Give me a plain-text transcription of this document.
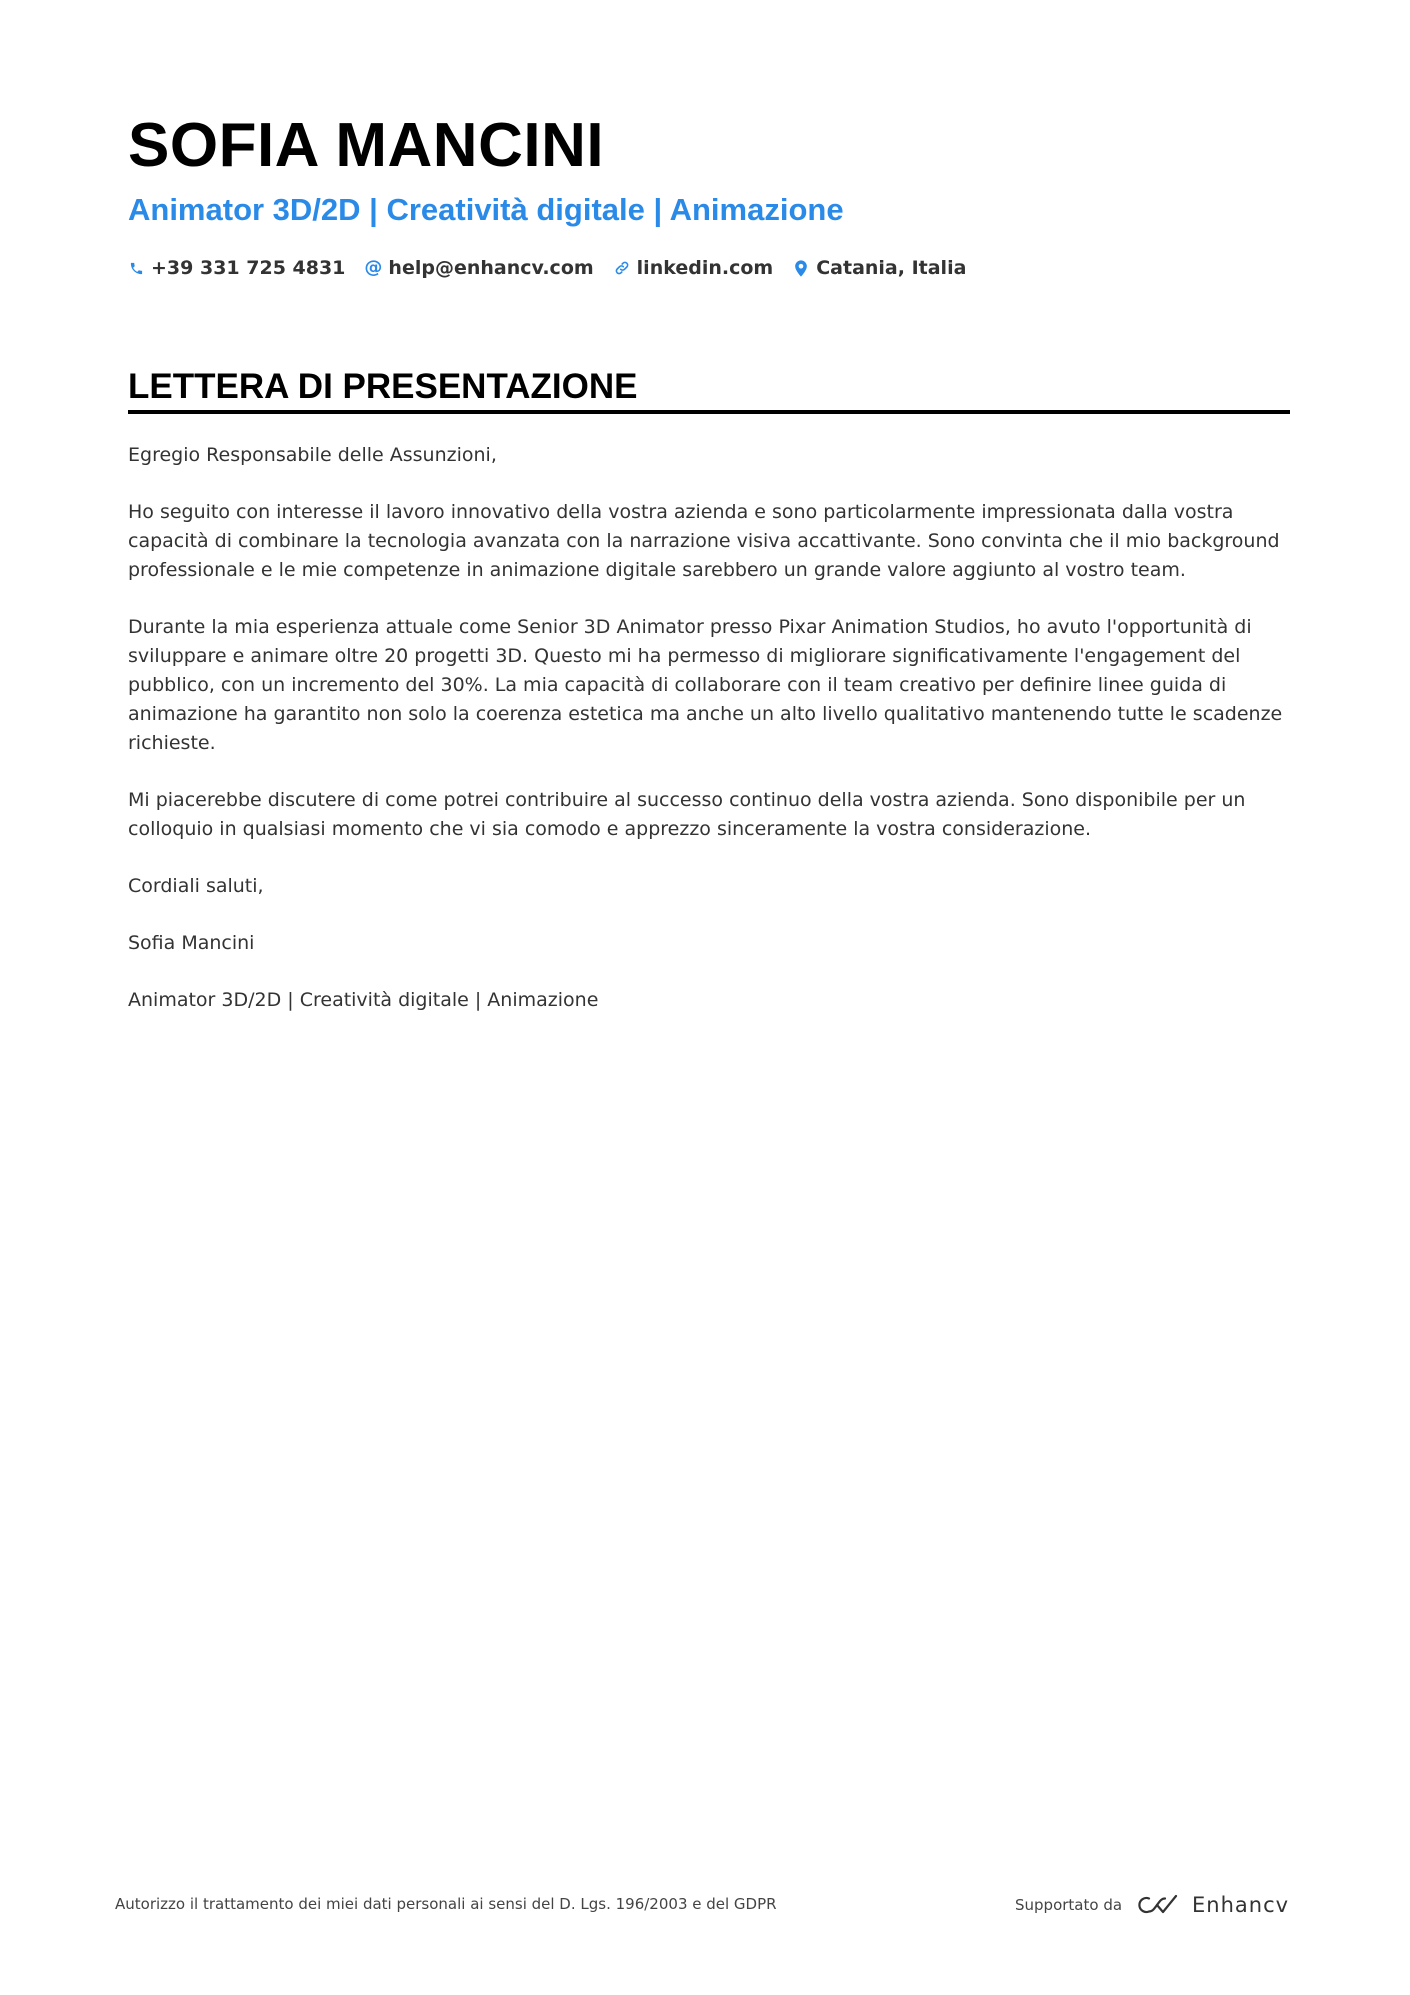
SOFIA MANCINI
Animator 3D/2D | Creatività digitale | Animazione
+39 331 725 4831 @ help@enhancv.com linkedin.com Catania, Italia
LETTERA DI PRESENTAZIONE

Egregio Responsabile delle Assunzioni,

Ho seguito con interesse il lavoro innovativo della vostra azienda e sono particolarmente impressionata dalla vostra capacità di combinare la tecnologia avanzata con la narrazione visiva accattivante. Sono convinta che il mio background professionale e le mie competenze in animazione digitale sarebbero un grande valore aggiunto al vostro team.

Durante la mia esperienza attuale come Senior 3D Animator presso Pixar Animation Studios, ho avuto l'opportunità di sviluppare e animare oltre 20 progetti 3D. Questo mi ha permesso di migliorare significativamente l'engagement del pubblico, con un incremento del 30%. La mia capacità di collaborare con il team creativo per definire linee guida di animazione ha garantito non solo la coerenza estetica ma anche un alto livello qualitativo mantenendo tutte le scadenze richieste.

Mi piacerebbe discutere di come potrei contribuire al successo continuo della vostra azienda. Sono disponibile per un colloquio in qualsiasi momento che vi sia comodo e apprezzo sinceramente la vostra considerazione.

Cordiali saluti,

Sofia Mancini

Animator 3D/2D | Creatività digitale | Animazione

Autorizzo il trattamento dei miei dati personali ai sensi del D. Lgs. 196/2003 e del GDPR	Supportato da	Enhancv
